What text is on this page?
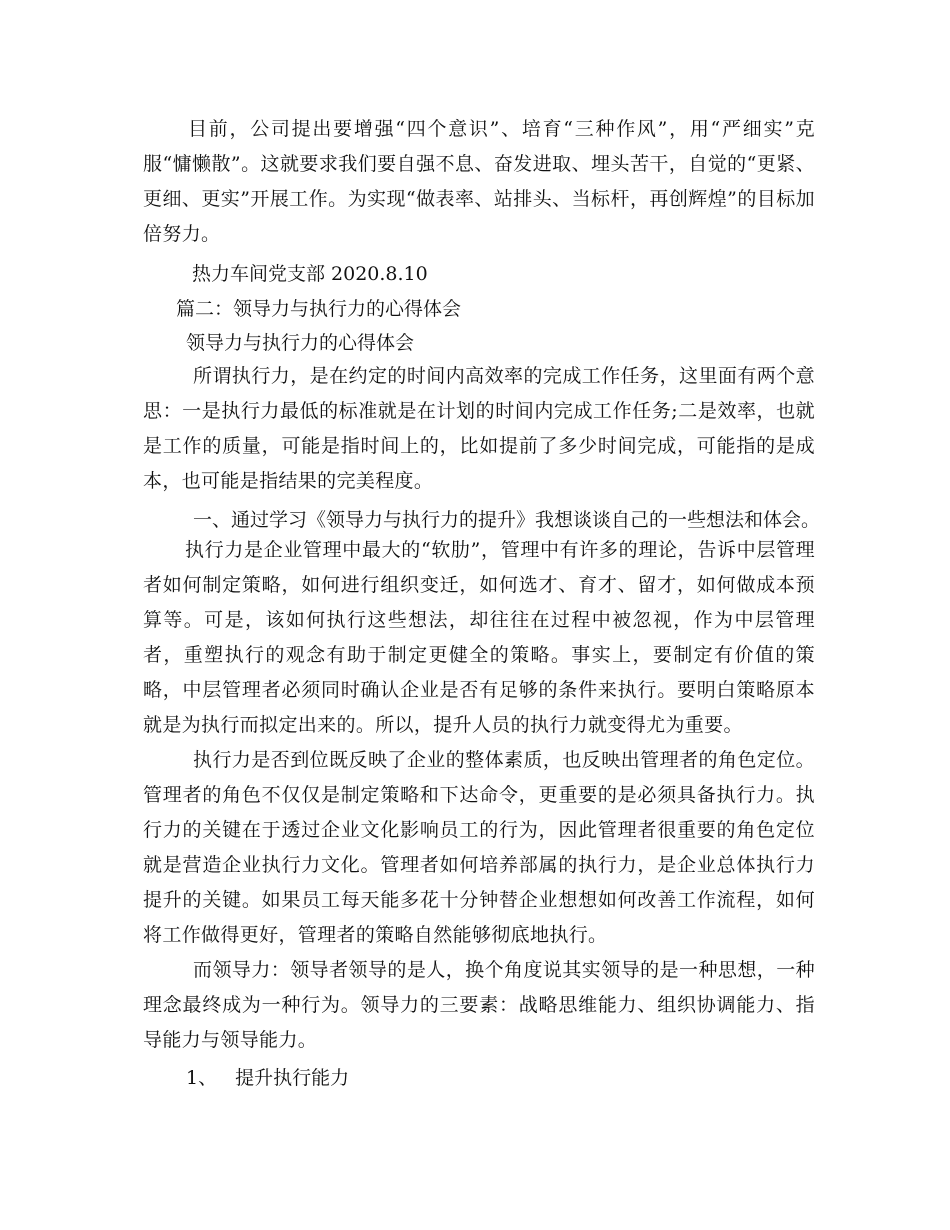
目前，公司提出要增强“四个意识”、培育“三种作风”，用“严细实”克服“慵懒散”。这就要求我们要自强不息、奋发进取、埋头苦干，自觉的“更紧、更细、更实”开展工作。为实现“做表率、站排头、当标杆，再创辉煌”的目标加倍努力。

热力车间党支部 2020.8.10
篇二：领导力与执行力的心得体会
领导力与执行力的心得体会

所谓执行力，是在约定的时间内高效率的完成工作任务，这里面有两个意思：一是执行力最低的标准就是在计划的时间内完成工作任务;二是效率，也就是工作的质量，可能是指时间上的，比如提前了多少时间完成，可能指的是成本，也可能是指结果的完美程度。

一、通过学习《领导力与执行力的提升》我想谈谈自己的一些想法和体会。

执行力是企业管理中最大的“软肋”，管理中有许多的理论，告诉中层管理者如何制定策略，如何进行组织变迁，如何选才、育才、留才，如何做成本预算等。可是，该如何执行这些想法，却往往在过程中被忽视，作为中层管理者，重塑执行的观念有助于制定更健全的策略。事实上，要制定有价值的策略，中层管理者必须同时确认企业是否有足够的条件来执行。要明白策略原本就是为执行而拟定出来的。所以，提升人员的执行力就变得尤为重要。

执行力是否到位既反映了企业的整体素质，也反映出管理者的角色定位。管理者的角色不仅仅是制定策略和下达命令，更重要的是必须具备执行力。执行力的关键在于透过企业文化影响员工的行为，因此管理者很重要的角色定位就是营造企业执行力文化。管理者如何培养部属的执行力，是企业总体执行力提升的关键。如果员工每天能多花十分钟替企业想想如何改善工作流程，如何将工作做得更好，管理者的策略自然能够彻底地执行。

而领导力：领导者领导的是人，换个角度说其实领导的是一种思想，一种理念最终成为一种行为。领导力的三要素：战略思维能力、组织协调能力、指导能力与领导能力。

1、 提升执行能力
